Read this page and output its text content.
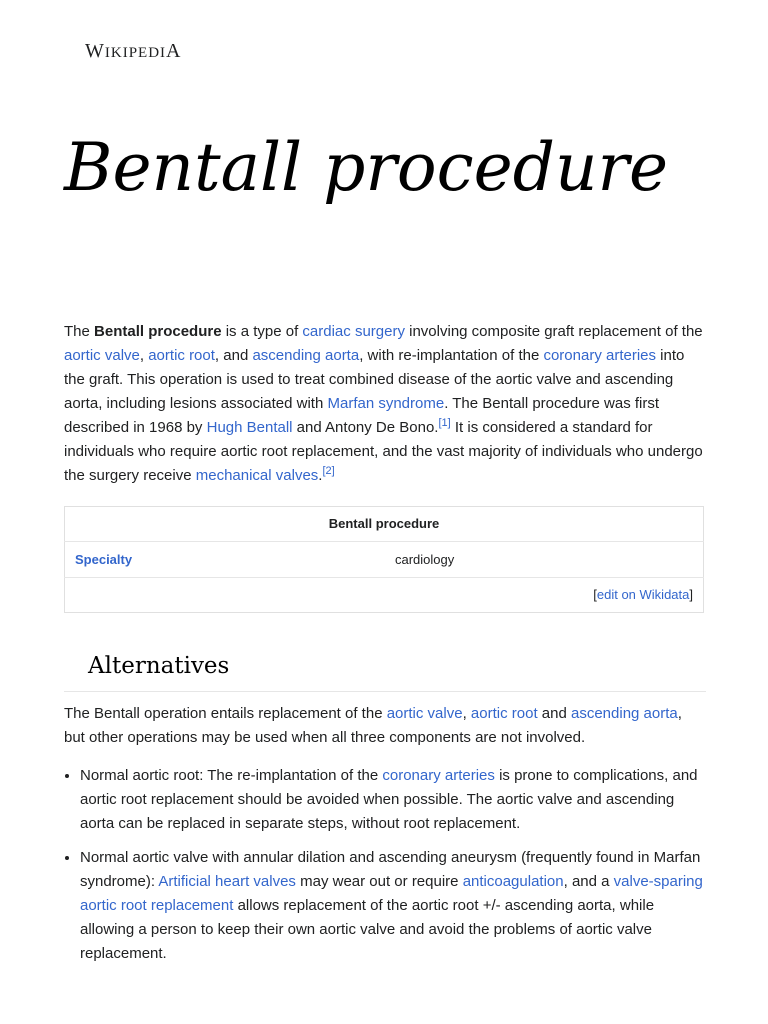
WIKIPEDIA
Bentall procedure

The Bentall procedure is a type of cardiac surgery involving composite graft replacement of the aortic valve, aortic root, and ascending aorta, with re-implantation of the coronary arteries into the graft. This operation is used to treat combined disease of the aortic valve and ascending aorta, including lesions associated with Marfan syndrome. The Bentall procedure was first described in 1968 by Hugh Bentall and Antony De Bono.[1] It is considered a standard for individuals who require aortic root replacement, and the vast majority of individuals who undergo the surgery receive mechanical valves.[2]

Bentall procedure
Specialty	cardiology
[edit on Wikidata]
Alternatives

The Bentall operation entails replacement of the aortic valve, aortic root and ascending aorta, but other operations may be used when all three components are not involved.

• Normal aortic root: The re-implantation of the coronary arteries is prone to complications, and aortic root replacement should be avoided when possible. The aortic valve and ascending aorta can be replaced in separate steps, without root replacement.
• Normal aortic valve with annular dilation and ascending aneurysm (frequently found in Marfan syndrome): Artificial heart valves may wear out or require anticoagulation, and a valve-sparing aortic root replacement allows replacement of the aortic root +/- ascending aorta, while allowing a person to keep their own aortic valve and avoid the problems of aortic valve replacement.
